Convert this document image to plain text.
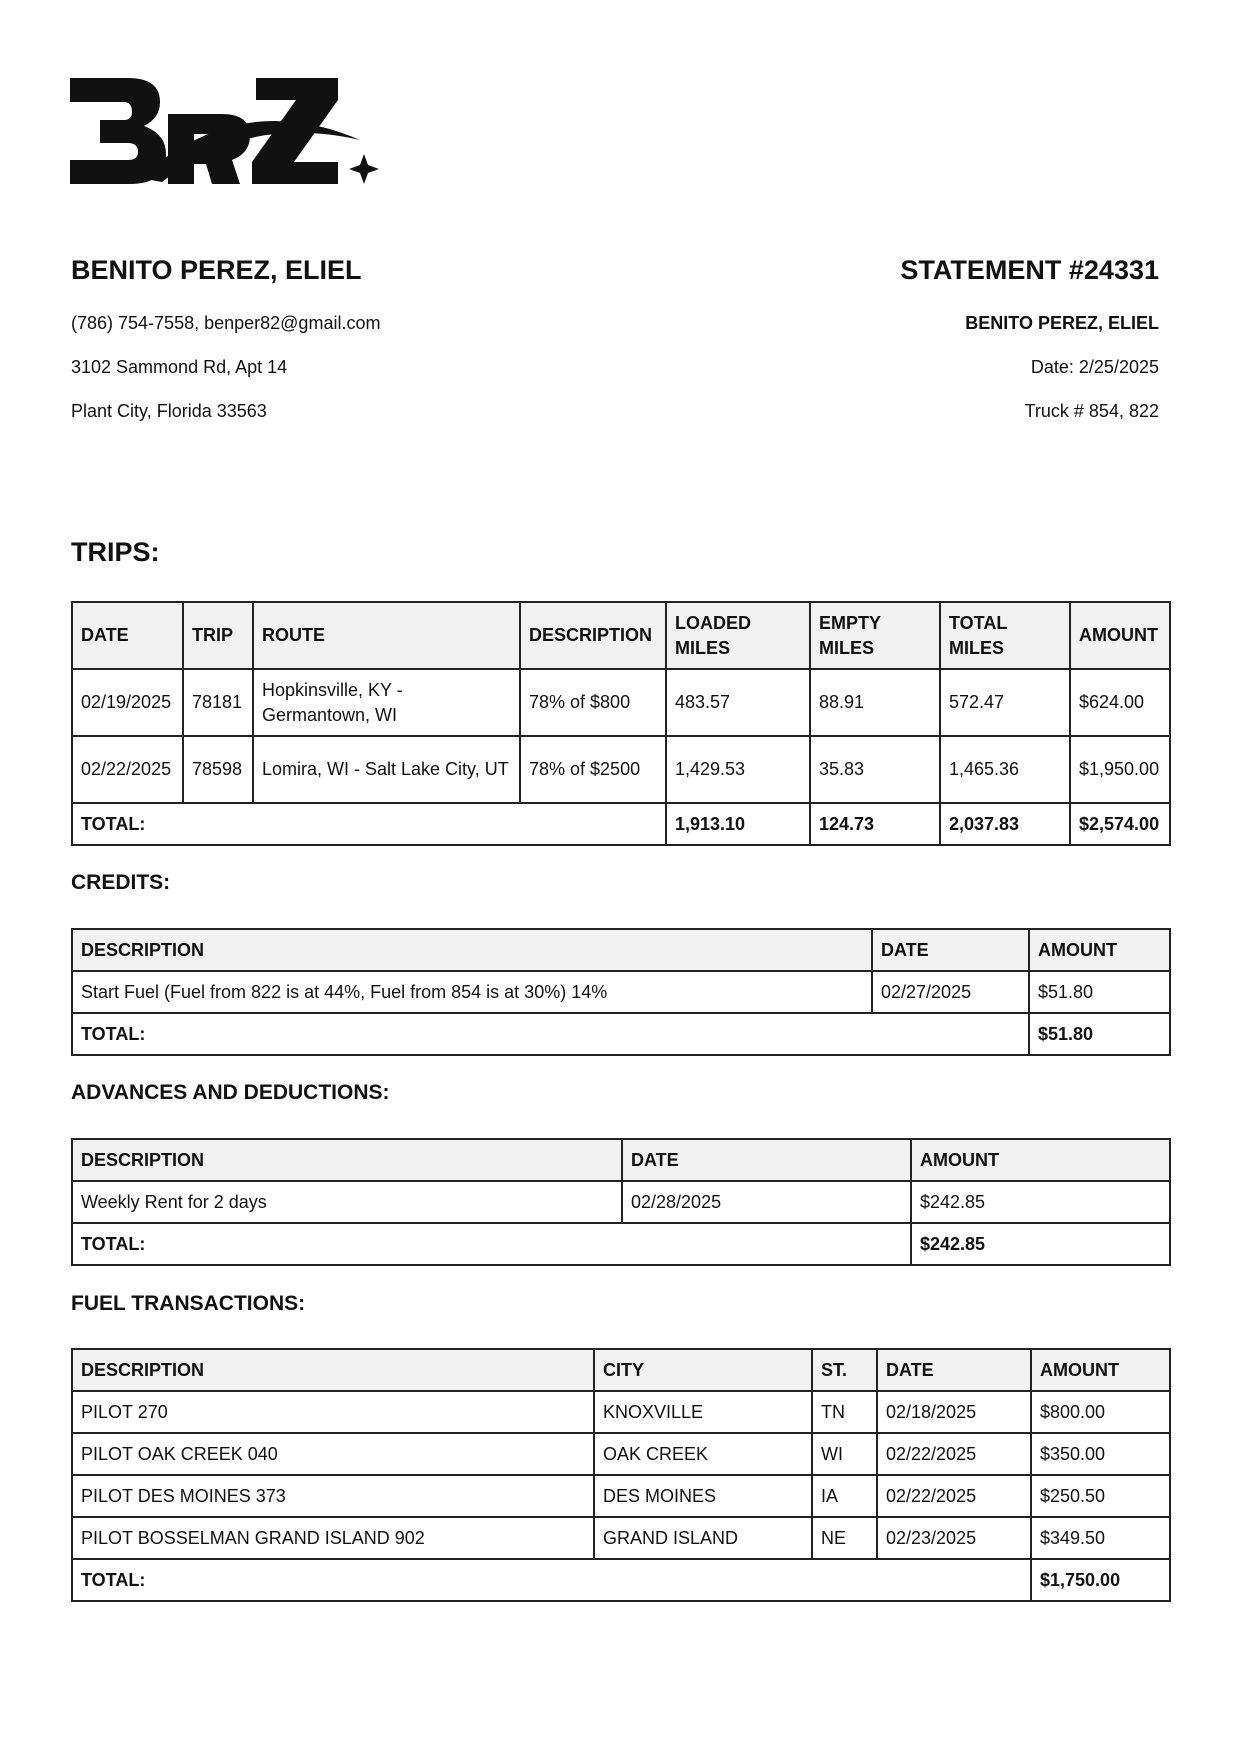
BENITO PEREZ, ELIEL
(786) 754-7558, benper82@gmail.com
3102 Sammond Rd, Apt 14
Plant City, Florida 33563
STATEMENT #24331
BENITO PEREZ, ELIEL
Date: 2/25/2025
Truck # 854, 822
TRIPS:
DATE	TRIP	ROUTE	DESCRIPTION	LOADED MILES	EMPTY MILES	TOTAL MILES	AMOUNT
02/19/2025	78181	Hopkinsville, KY - Germantown, WI	78% of $800	483.57	88.91	572.47	$624.00
02/22/2025	78598	Lomira, WI - Salt Lake City, UT	78% of $2500	1,429.53	35.83	1,465.36	$1,950.00
TOTAL:				1,913.10	124.73	2,037.83	$2,574.00
CREDITS:
DESCRIPTION	DATE	AMOUNT
Start Fuel (Fuel from 822 is at 44%, Fuel from 854 is at 30%) 14%	02/27/2025	$51.80
TOTAL:		$51.80
ADVANCES AND DEDUCTIONS:
DESCRIPTION	DATE	AMOUNT
Weekly Rent for 2 days	02/28/2025	$242.85
TOTAL:		$242.85
FUEL TRANSACTIONS:
DESCRIPTION	CITY	ST.	DATE	AMOUNT
PILOT 270	KNOXVILLE	TN	02/18/2025	$800.00
PILOT OAK CREEK 040	OAK CREEK	WI	02/22/2025	$350.00
PILOT DES MOINES 373	DES MOINES	IA	02/22/2025	$250.50
PILOT BOSSELMAN GRAND ISLAND 902	GRAND ISLAND	NE	02/23/2025	$349.50
TOTAL:				$1,750.00
